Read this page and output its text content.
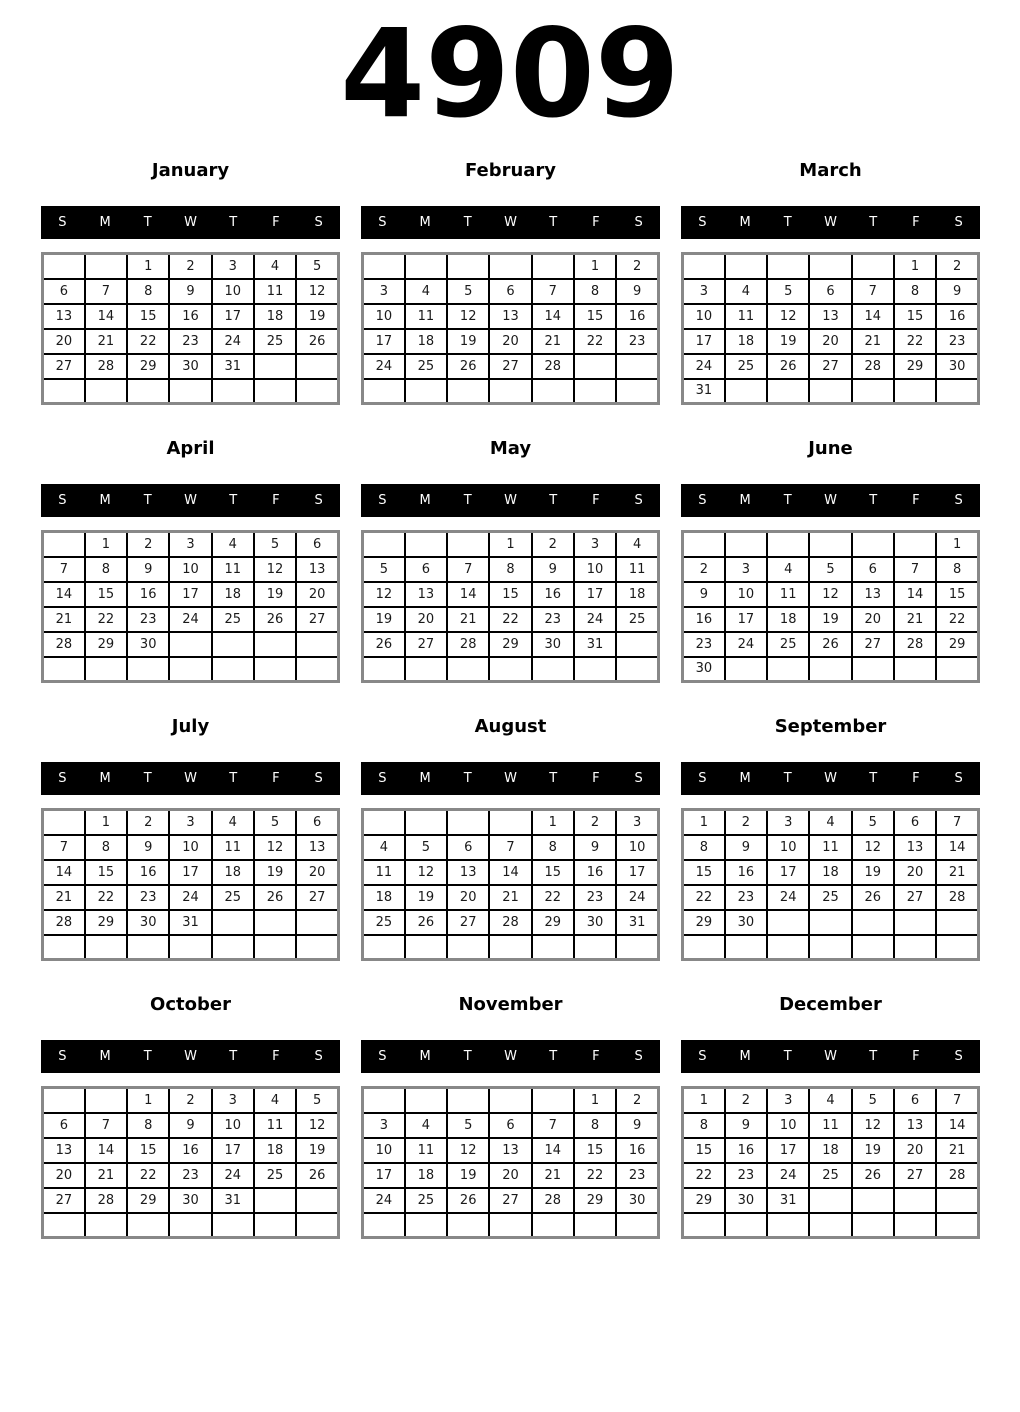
4909
January
S	M	T	W	T	F	S
		1	2	3	4	5
6	7	8	9	10	11	12
13	14	15	16	17	18	19
20	21	22	23	24	25	26
27	28	29	30	31		

February
S	M	T	W	T	F	S
					1	2
3	4	5	6	7	8	9
10	11	12	13	14	15	16
17	18	19	20	21	22	23
24	25	26	27	28		

March
S	M	T	W	T	F	S
					1	2
3	4	5	6	7	8	9
10	11	12	13	14	15	16
17	18	19	20	21	22	23
24	25	26	27	28	29	30
31						
April
S	M	T	W	T	F	S
	1	2	3	4	5	6
7	8	9	10	11	12	13
14	15	16	17	18	19	20
21	22	23	24	25	26	27
28	29	30				

May
S	M	T	W	T	F	S
			1	2	3	4
5	6	7	8	9	10	11
12	13	14	15	16	17	18
19	20	21	22	23	24	25
26	27	28	29	30	31	

June
S	M	T	W	T	F	S
						1
2	3	4	5	6	7	8
9	10	11	12	13	14	15
16	17	18	19	20	21	22
23	24	25	26	27	28	29
30						
July
S	M	T	W	T	F	S
	1	2	3	4	5	6
7	8	9	10	11	12	13
14	15	16	17	18	19	20
21	22	23	24	25	26	27
28	29	30	31			

August
S	M	T	W	T	F	S
				1	2	3
4	5	6	7	8	9	10
11	12	13	14	15	16	17
18	19	20	21	22	23	24
25	26	27	28	29	30	31

September
S	M	T	W	T	F	S
1	2	3	4	5	6	7
8	9	10	11	12	13	14
15	16	17	18	19	20	21
22	23	24	25	26	27	28
29	30					

October
S	M	T	W	T	F	S
		1	2	3	4	5
6	7	8	9	10	11	12
13	14	15	16	17	18	19
20	21	22	23	24	25	26
27	28	29	30	31		

November
S	M	T	W	T	F	S
					1	2
3	4	5	6	7	8	9
10	11	12	13	14	15	16
17	18	19	20	21	22	23
24	25	26	27	28	29	30

December
S	M	T	W	T	F	S
1	2	3	4	5	6	7
8	9	10	11	12	13	14
15	16	17	18	19	20	21
22	23	24	25	26	27	28
29	30	31				
